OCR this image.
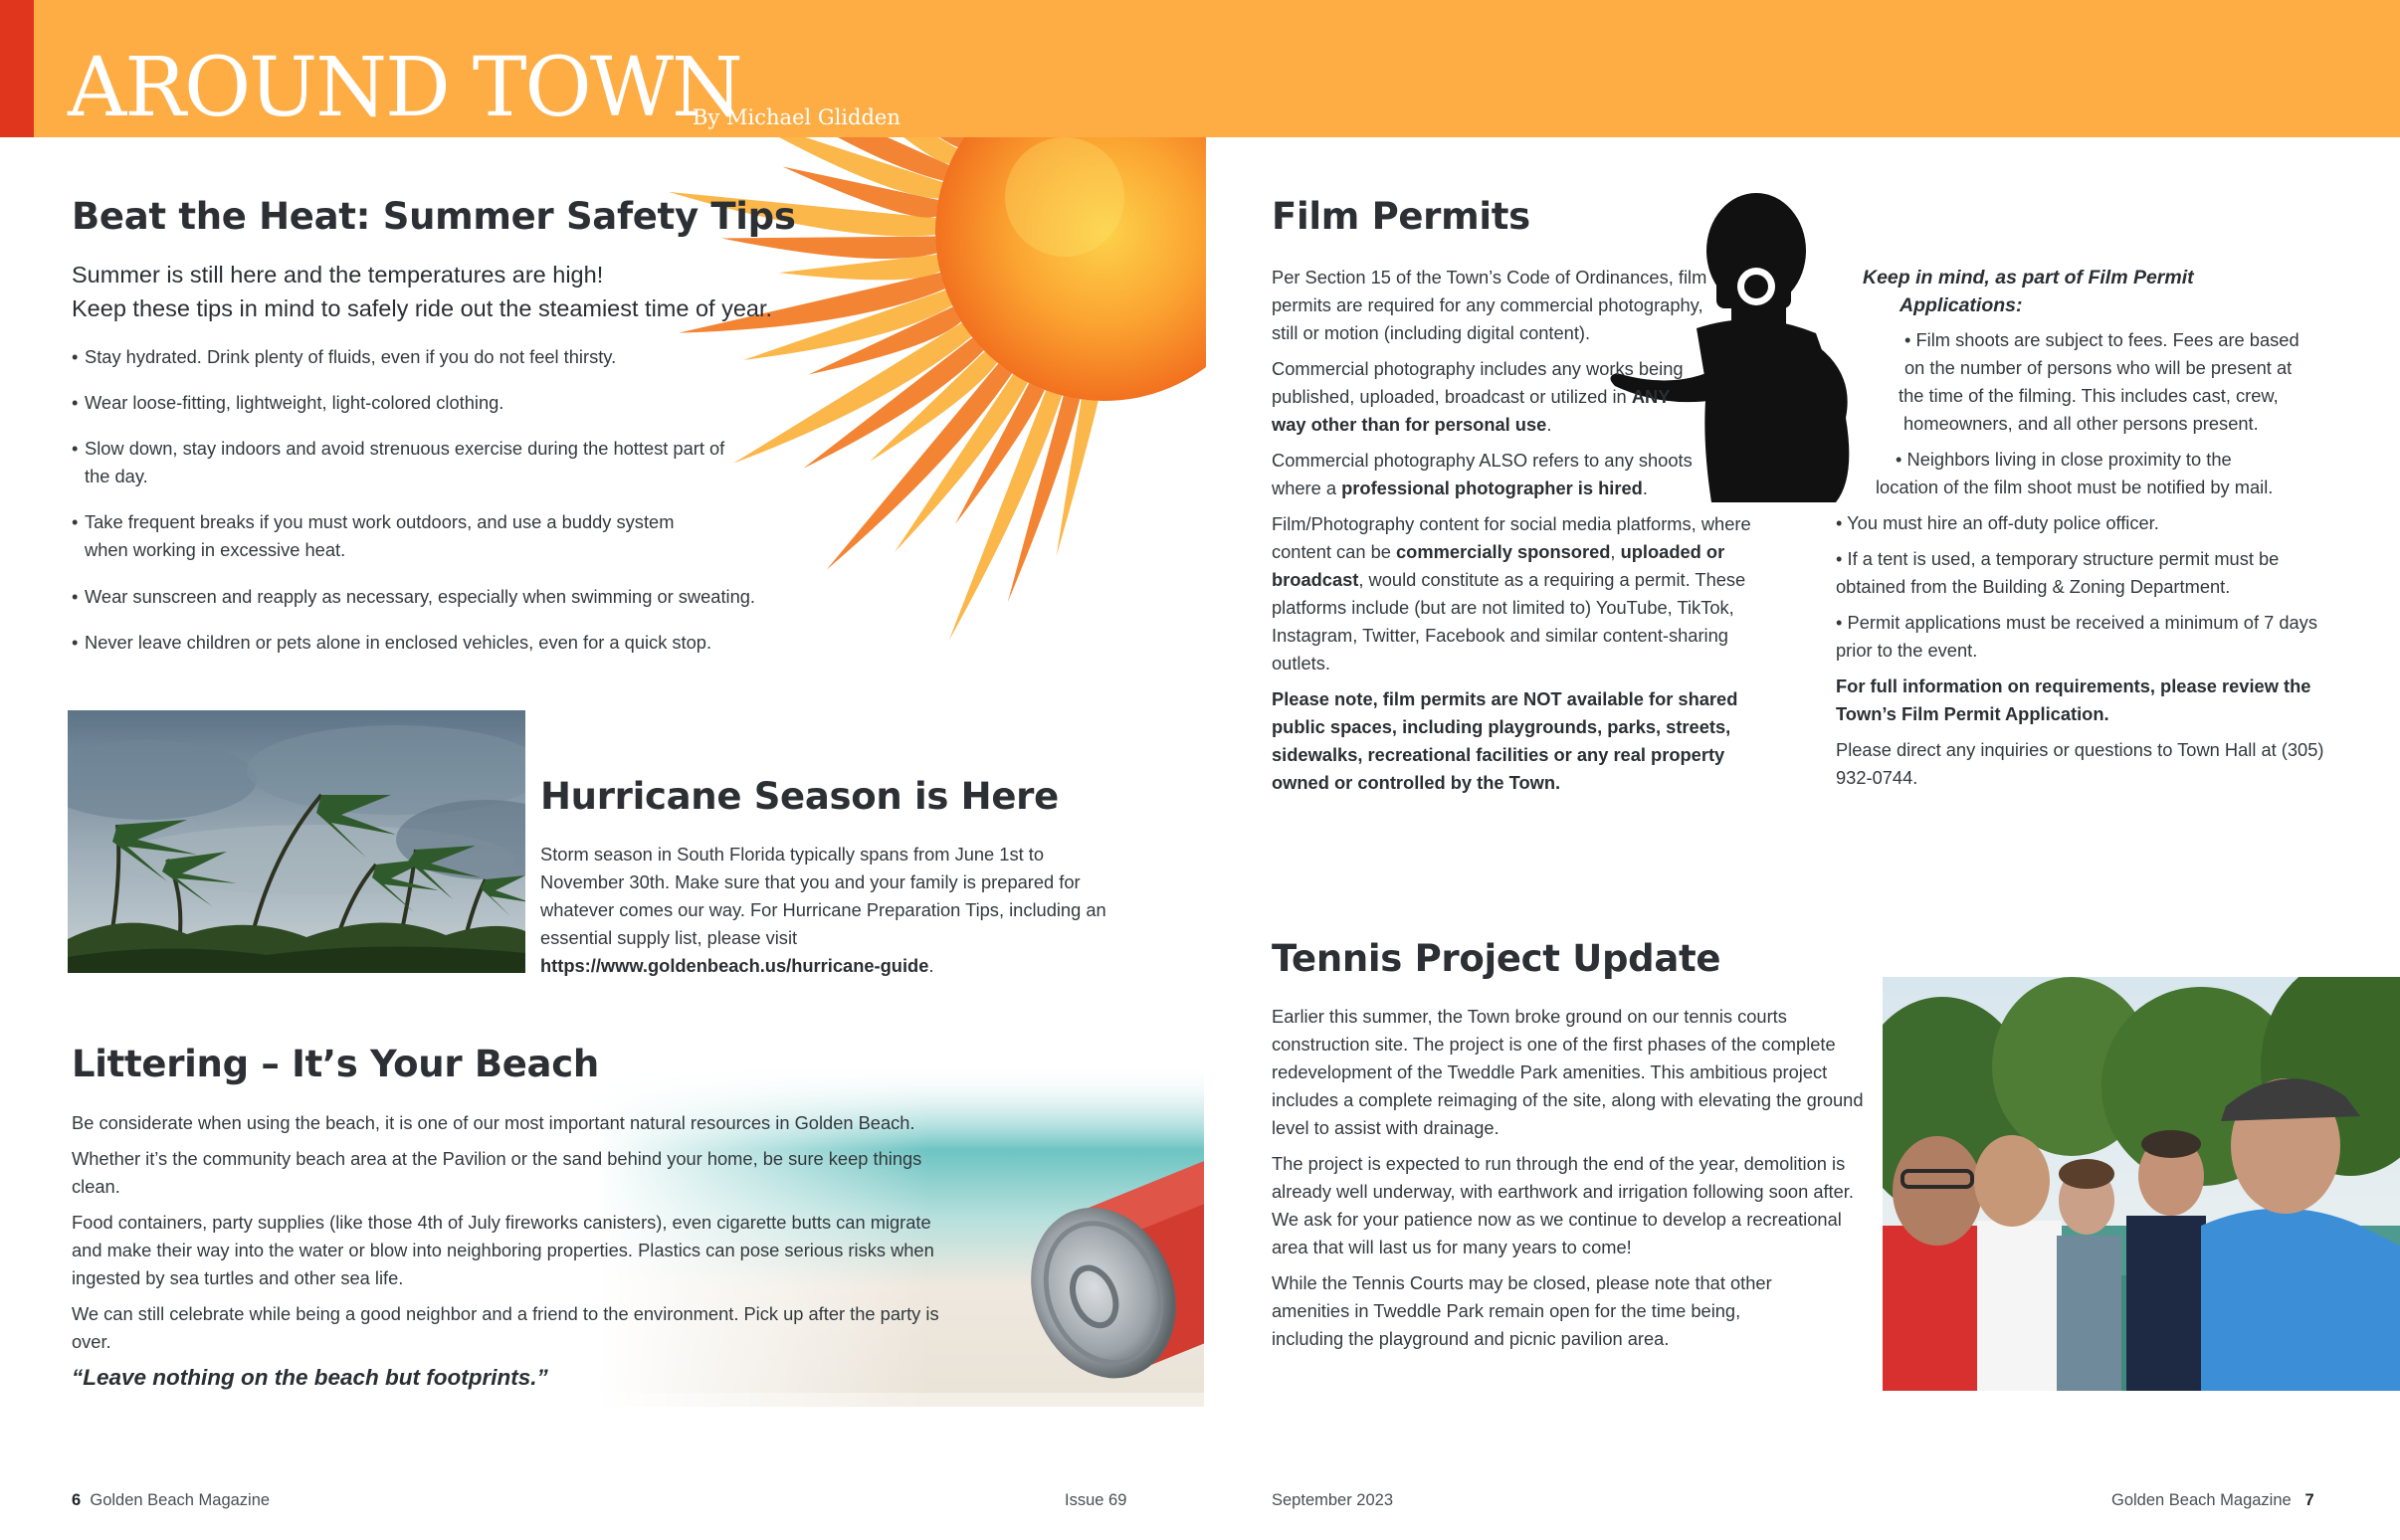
AROUND TOWN
By Michael Glidden
Beat the Heat: Summer Safety Tips
Summer is still here and the temperatures are high!
Keep these tips in mind to safely ride out the steamiest time of year.
• Stay hydrated. Drink plenty of fluids, even if you do not feel thirsty.
• Wear loose-fitting, lightweight, light-colored clothing.
• Slow down, stay indoors and avoid strenuous exercise during the hottest part of the day.
• Take frequent breaks if you must work outdoors, and use a buddy system when working in excessive heat.
• Wear sunscreen and reapply as necessary, especially when swimming or sweating.
• Never leave children or pets alone in enclosed vehicles, even for a quick stop.
Hurricane Season is Here
Storm season in South Florida typically spans from June 1st to November 30th. Make sure that you and your family is prepared for whatever comes our way. For Hurricane Preparation Tips, including an essential supply list, please visit https://www.goldenbeach.us/hurricane-guide.
Littering – It’s Your Beach

Be considerate when using the beach, it is one of our most important natural resources in Golden Beach.

Whether it’s the community beach area at the Pavilion or the sand behind your home, be sure keep things clean.

Food containers, party supplies (like those 4th of July fireworks canisters), even cigarette butts can migrate and make their way into the water or blow into neighboring properties. Plastics can pose serious risks when ingested by sea turtles and other sea life.

We can still celebrate while being a good neighbor and a friend to the environment. Pick up after the party is over.

“Leave nothing on the beach but footprints.”

Film Permits

Per Section 15 of the Town’s Code of Ordinances, film permits are required for any commercial photography, still or motion (including digital content).

Commercial photography includes any works being published, uploaded, broadcast or utilized in ANY way other than for personal use.

Commercial photography ALSO refers to any shoots where a professional photographer is hired.

Film/Photography content for social media platforms, where content can be commercially sponsored, uploaded or broadcast, would constitute as a requiring a permit. These platforms include (but are not limited to) YouTube, TikTok, Instagram, Twitter, Facebook and similar content-sharing outlets.

Please note, film permits are NOT available for shared public spaces, including playgrounds, parks, streets, sidewalks, recreational facilities or any real property owned or controlled by the Town.

Keep in mind, as part of Film Permit
Applications:
• Film shoots are subject to fees. Fees are based
on the number of persons who will be present at
the time of the filming. This includes cast, crew,
homeowners, and all other persons present.
• Neighbors living in close proximity to the
location of the film shoot must be notified by mail.
• You must hire an off-duty police officer.
• If a tent is used, a temporary structure permit must be obtained from the Building & Zoning Department.
• Permit applications must be received a minimum of 7 days prior to the event.
For full information on requirements, please review the Town’s Film Permit Application.
Please direct any inquiries or questions to Town Hall at (305) 932-0744.
Tennis Project Update

Earlier this summer, the Town broke ground on our tennis courts construction site. The project is one of the first phases of the complete redevelopment of the Tweddle Park amenities. This ambitious project includes a complete reimaging of the site, along with elevating the ground level to assist with drainage.

The project is expected to run through the end of the year, demolition is already well underway, with earthwork and irrigation following soon after. We ask for your patience now as we continue to develop a recreational area that will last us for many years to come!

While the Tennis Courts may be closed, please note that other amenities in Tweddle Park remain open for the time being, including the playground and picnic pavilion area.

6 Golden Beach Magazine	Issue 69	September 2023	Golden Beach Magazine 7
